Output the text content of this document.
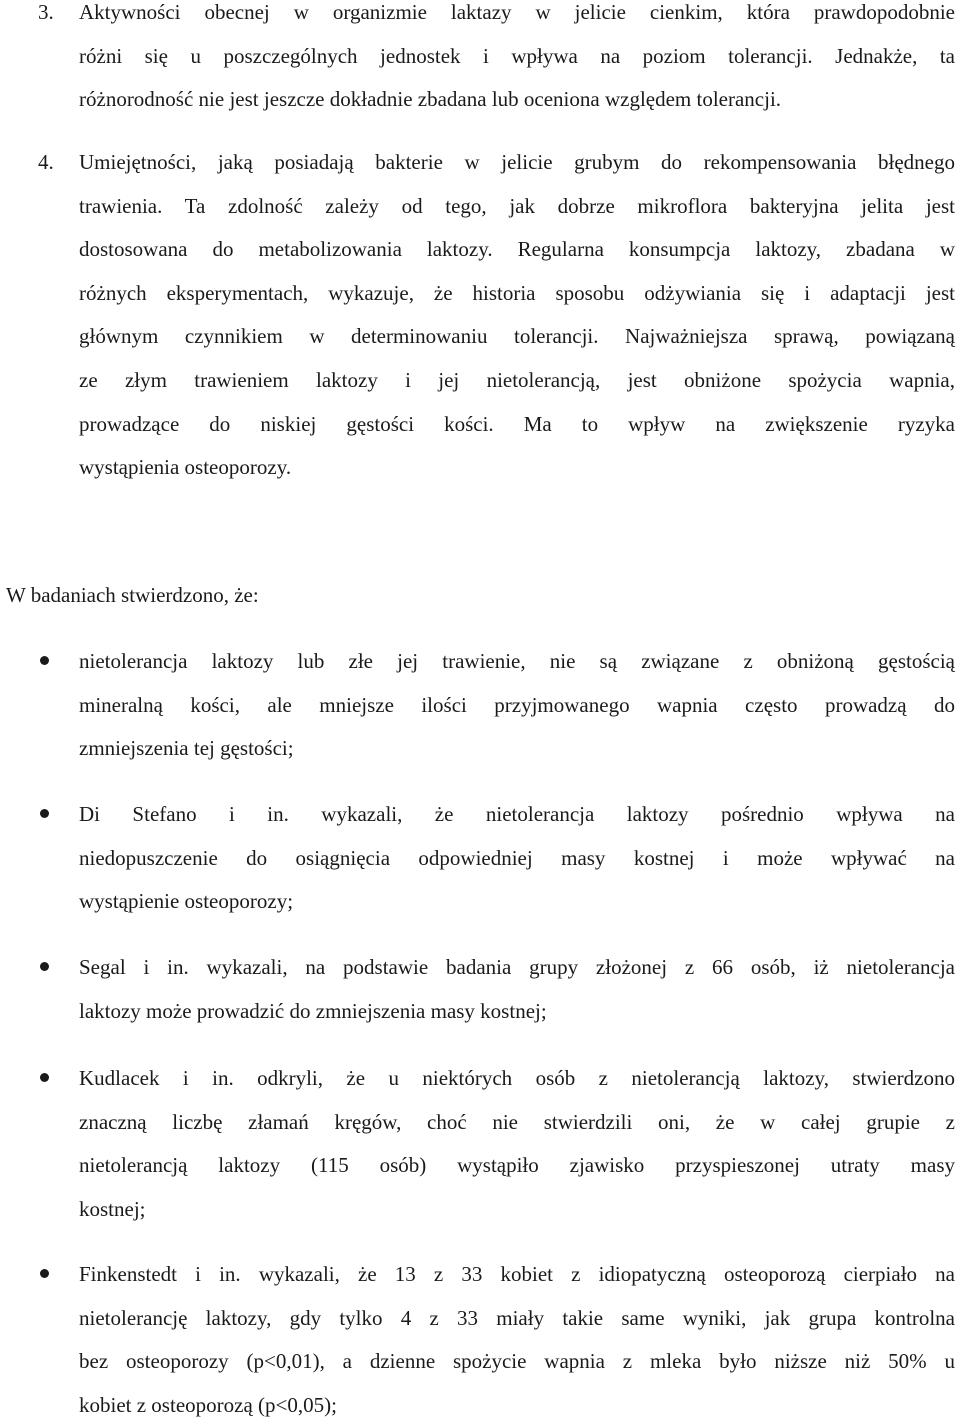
3. Aktywności obecnej w organizmie laktazy w jelicie cienkim, która prawdopodobnie
różni się u poszczególnych jednostek i wpływa na poziom tolerancji. Jednakże, ta
różnorodność nie jest jeszcze dokładnie zbadana lub oceniona względem tolerancji.
4. Umiejętności, jaką posiadają bakterie w jelicie grubym do rekompensowania błędnego
trawienia. Ta zdolność zależy od tego, jak dobrze mikroflora bakteryjna jelita jest
dostosowana do metabolizowania laktozy. Regularna konsumpcja laktozy, zbadana w
różnych eksperymentach, wykazuje, że historia sposobu odżywiania się i adaptacji jest
głównym czynnikiem w determinowaniu tolerancji. Najważniejsza sprawą, powiązaną
ze złym trawieniem laktozy i jej nietolerancją, jest obniżone spożycia wapnia,
prowadzące do niskiej gęstości kości. Ma to wpływ na zwiększenie ryzyka
wystąpienia osteoporozy.
W badaniach stwierdzono, że:
nietolerancja laktozy lub złe jej trawienie, nie są związane z obniżoną gęstością
mineralną kości, ale mniejsze ilości przyjmowanego wapnia często prowadzą do
zmniejszenia tej gęstości;
Di Stefano i in. wykazali, że nietolerancja laktozy pośrednio wpływa na
niedopuszczenie do osiągnięcia odpowiedniej masy kostnej i może wpływać na
wystąpienie osteoporozy;
Segal i in. wykazali, na podstawie badania grupy złożonej z 66 osób, iż nietolerancja
laktozy może prowadzić do zmniejszenia masy kostnej;
Kudlacek i in. odkryli, że u niektórych osób z nietolerancją laktozy, stwierdzono
znaczną liczbę złamań kręgów, choć nie stwierdzili oni, że w całej grupie z
nietolerancją laktozy (115 osób) wystąpiło zjawisko przyspieszonej utraty masy
kostnej;
Finkenstedt i in. wykazali, że 13 z 33 kobiet z idiopatyczną osteoporozą cierpiało na
nietolerancję laktozy, gdy tylko 4 z 33 miały takie same wyniki, jak grupa kontrolna
bez osteoporozy (p<0,01), a dzienne spożycie wapnia z mleka było niższe niż 50% u
kobiet z osteoporozą (p<0,05);
